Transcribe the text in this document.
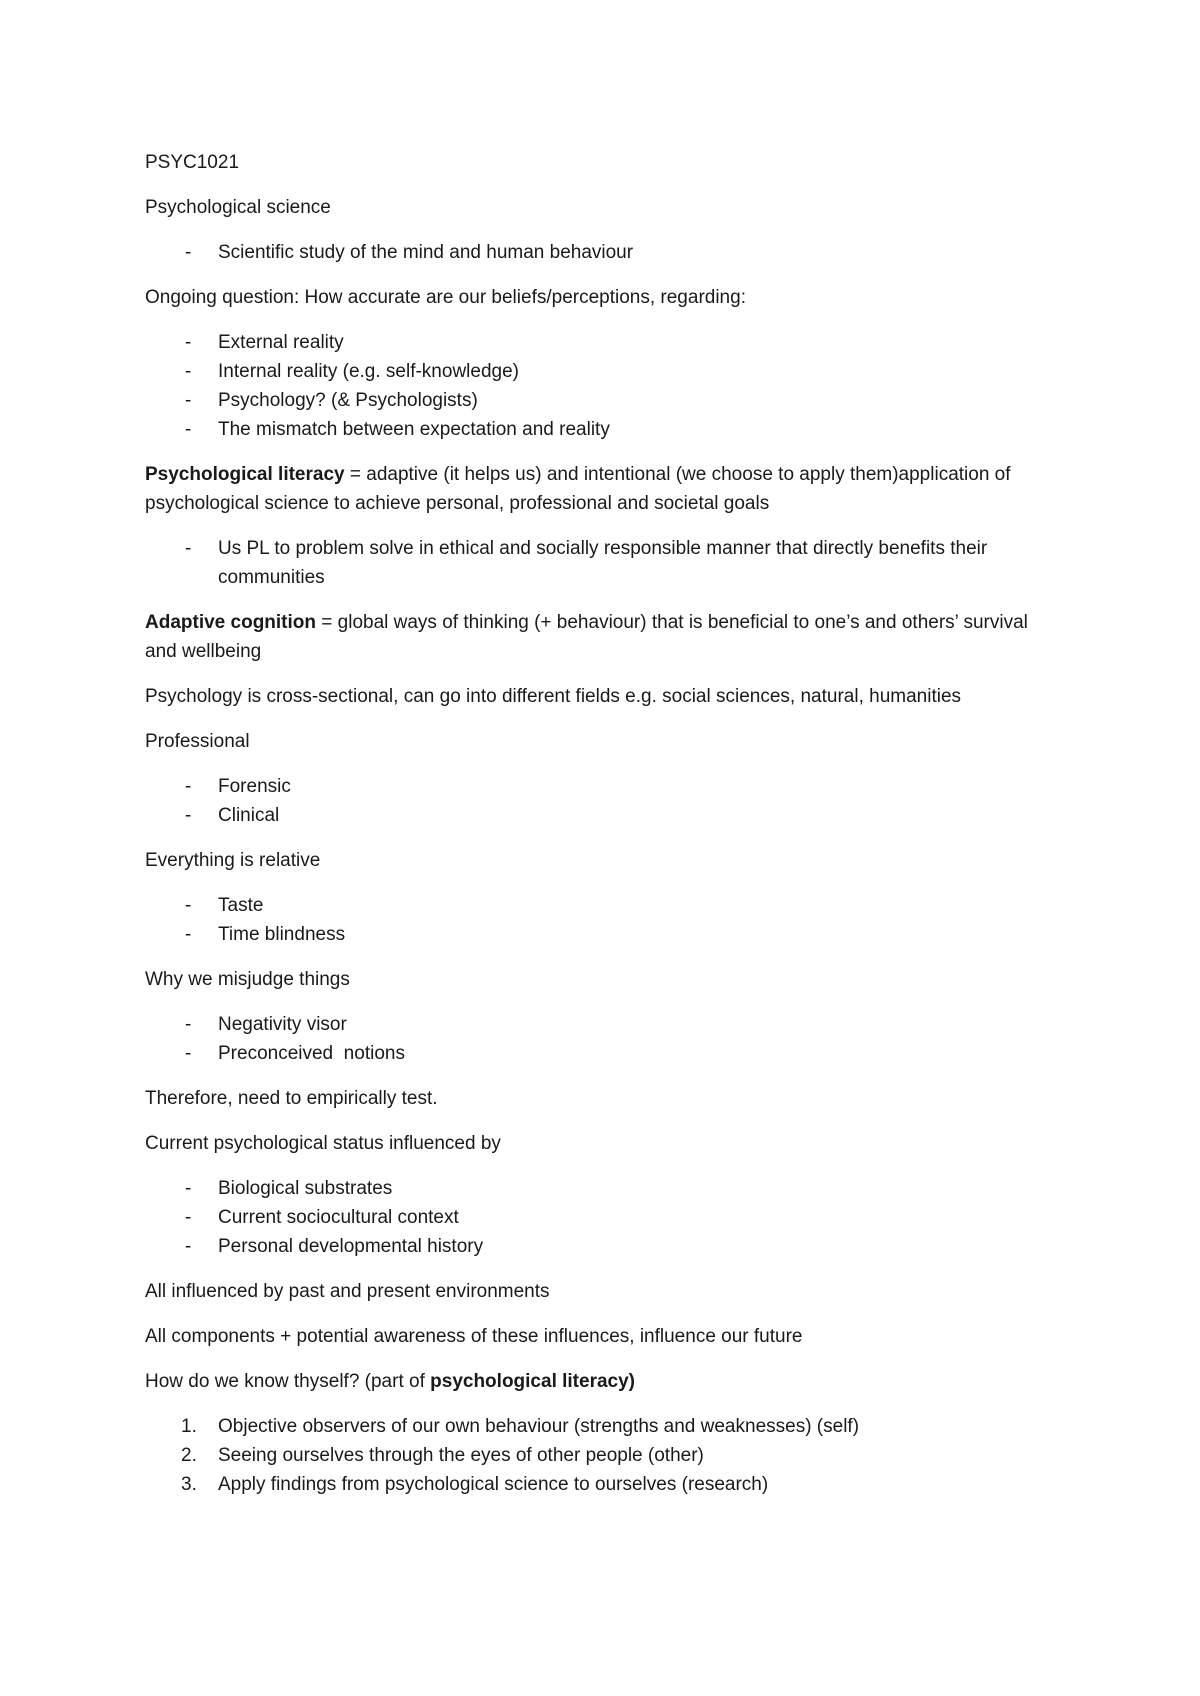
PSYC1021

Psychological science

- Scientific study of the mind and human behaviour

Ongoing question: How accurate are our beliefs/perceptions, regarding:

- External reality
- Internal reality (e.g. self-knowledge)
- Psychology? (& Psychologists)
- The mismatch between expectation and reality

Psychological literacy = adaptive (it helps us) and intentional (we choose to apply them)application of psychological science to achieve personal, professional and societal goals

- Us PL to problem solve in ethical and socially responsible manner that directly benefits their communities

Adaptive cognition = global ways of thinking (+ behaviour) that is beneficial to one’s and others’ survival and wellbeing

Psychology is cross-sectional, can go into different fields e.g. social sciences, natural, humanities

Professional

- Forensic
- Clinical

Everything is relative

- Taste
- Time blindness

Why we misjudge things

- Negativity visor
- Preconceived  notions

Therefore, need to empirically test.

Current psychological status influenced by

- Biological substrates
- Current sociocultural context
- Personal developmental history

All influenced by past and present environments

All components + potential awareness of these influences, influence our future

How do we know thyself? (part of psychological literacy)

1. Objective observers of our own behaviour (strengths and weaknesses) (self)
2. Seeing ourselves through the eyes of other people (other)
3. Apply findings from psychological science to ourselves (research)
